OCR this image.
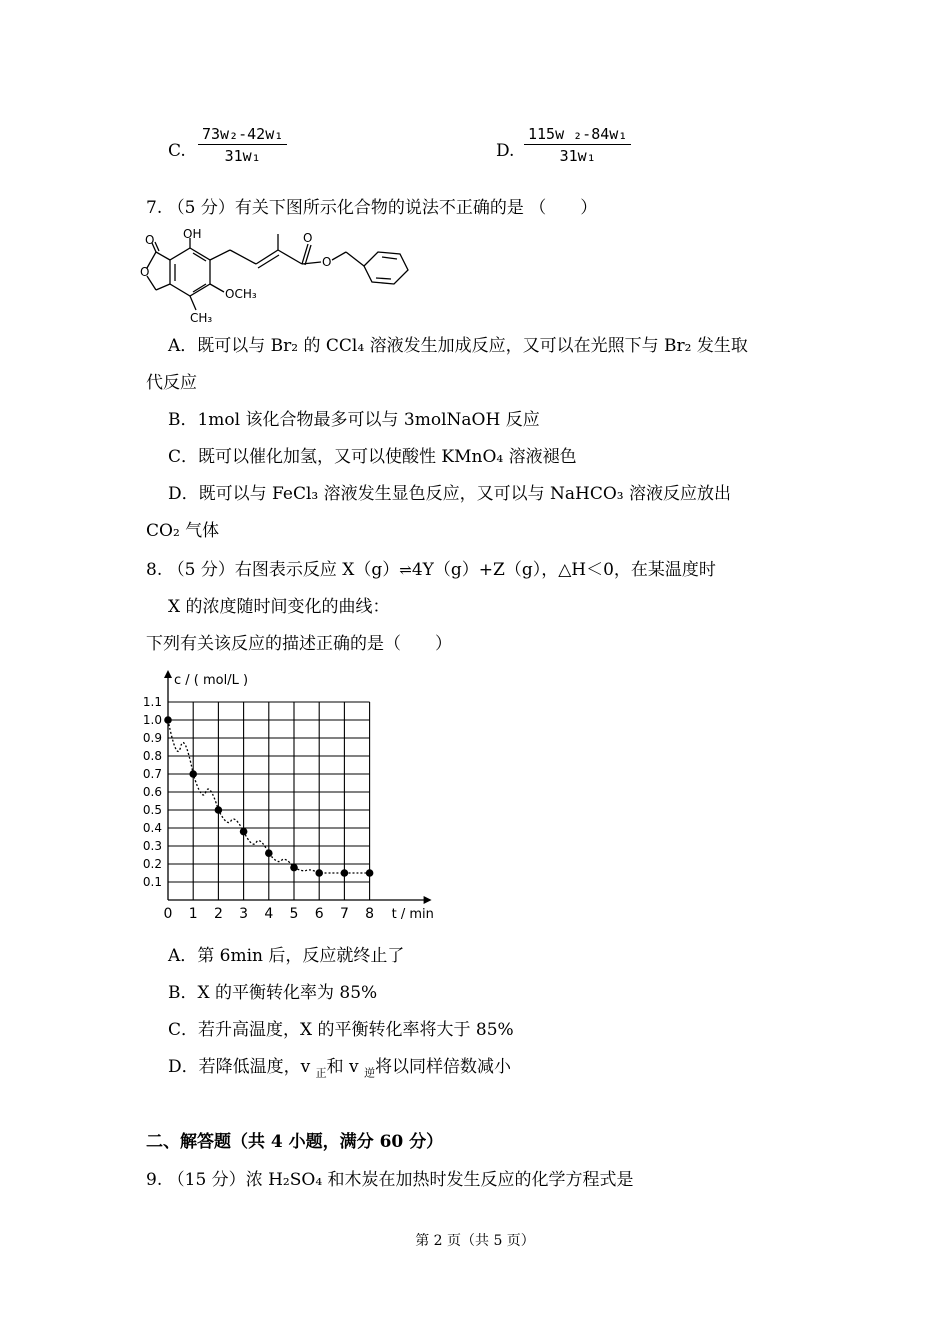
C. $\frac{\text{73w₂-42w₁}}{\text{31w₁}}$	D. $\frac{\text{115w ₂-84w₁}}{\text{31w₁}}$
7. （5 分）有关下图所示化合物的说法不正确的是 （　　）
OH
O
O
O
O
OCH₃
CH₃
A．既可以与 Br₂ 的 CCl₄ 溶液发生加成反应，又可以在光照下与 Br₂ 发生取
代反应
B．1mol 该化合物最多可以与 3molNaOH 反应
C．既可以催化加氢，又可以使酸性 KMnO₄ 溶液褪色
D．既可以与 FeCl₃ 溶液发生显色反应，又可以与 NaHCO₃ 溶液反应放出
CO₂ 气体
8. （5 分）右图表示反应 X（g）⇌4Y（g）+Z（g），△H＜0，在某温度时
X 的浓度随时间变化的曲线：
下列有关该反应的描述正确的是（　　）
0.1
0.2
0.3
0.4
0.5
0.6
0.7
0.8
0.9
1.0
1.1
0 1 2 3 4 5 6 7 8
c / ( mol/L )
t / min
A．第 6min 后，反应就终止了
B．X 的平衡转化率为 85%
C．若升高温度，X 的平衡转化率将大于 85%
D．若降低温度，v $_正$和 v $_逆$将以同样倍数减小
二、解答题（共 4 小题，满分 60 分）
9. （15 分）浓 H₂SO₄ 和木炭在加热时发生反应的化学方程式是
第 2 页（共 5 页）
